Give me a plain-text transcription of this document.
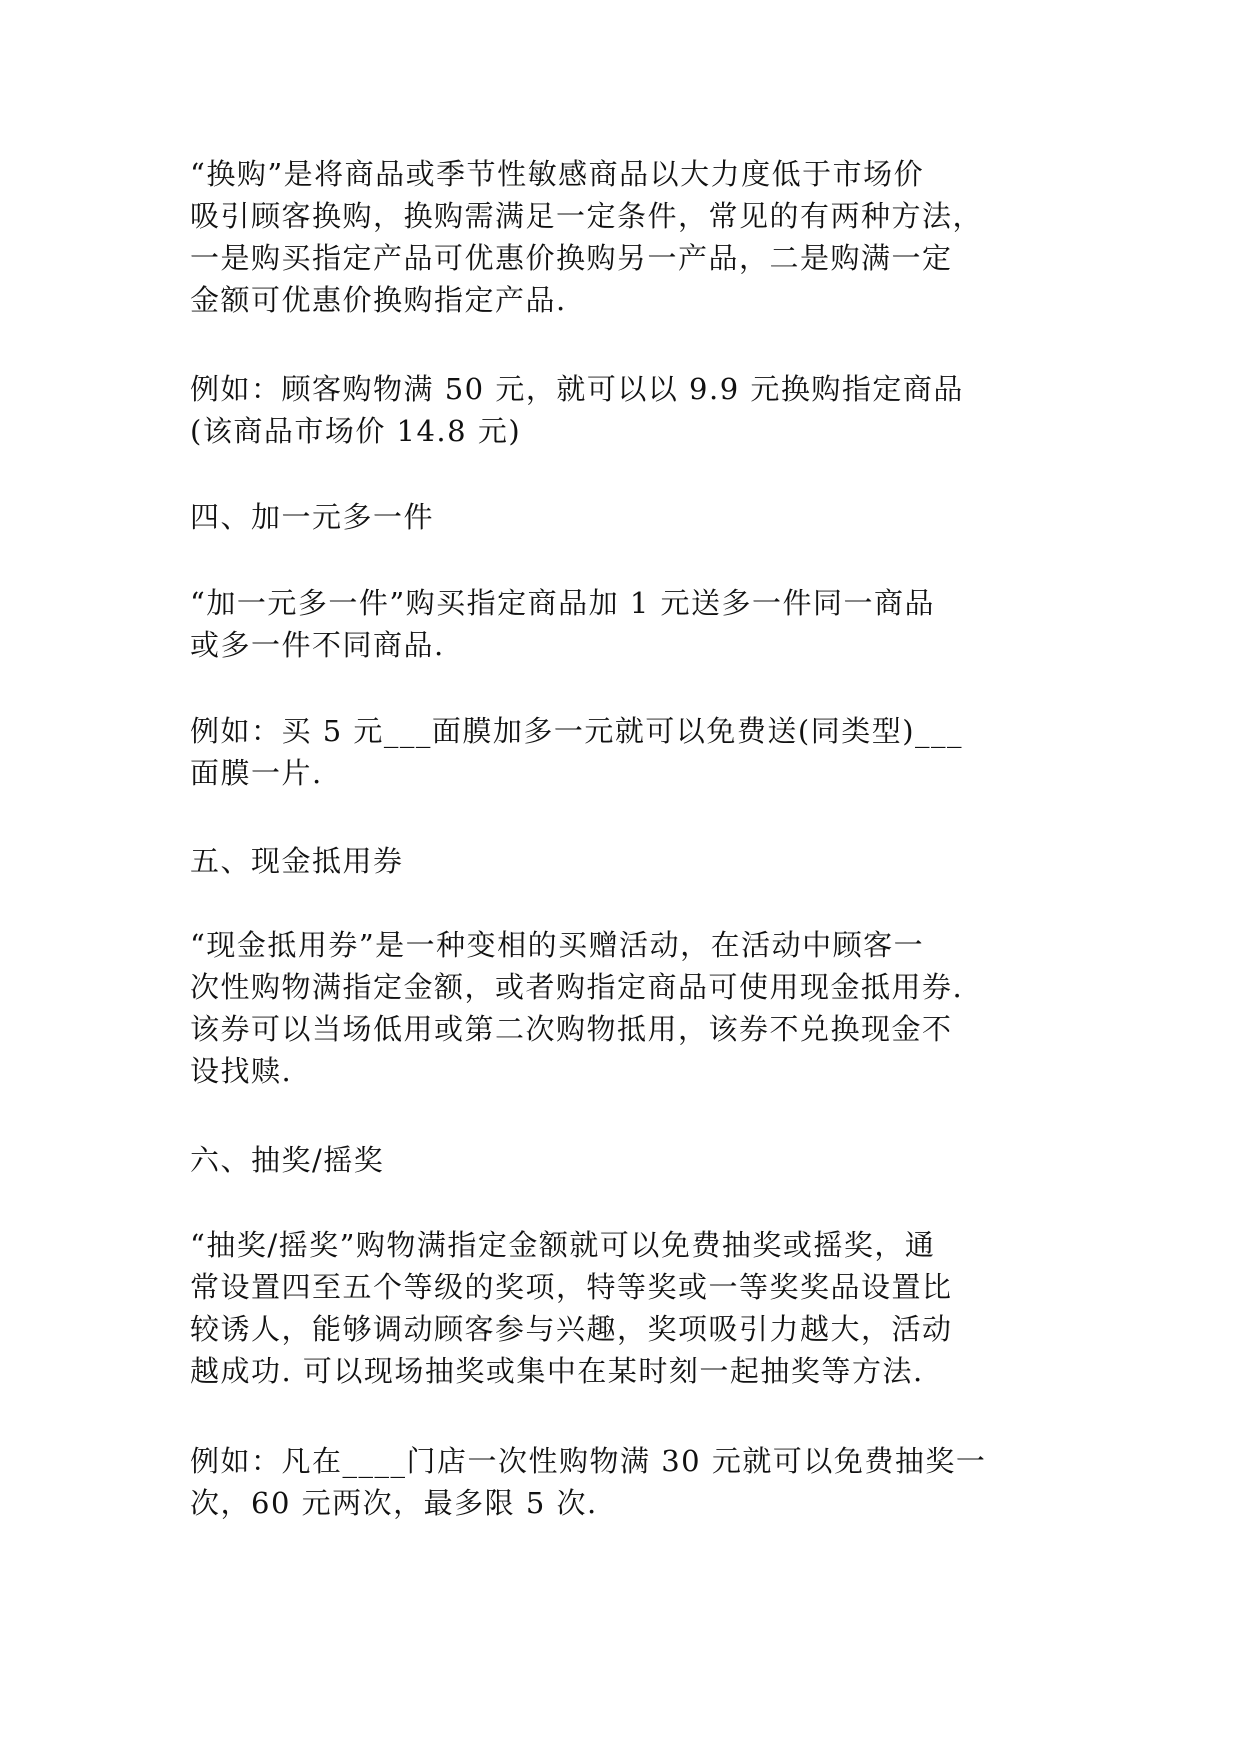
“换购”是将商品或季节性敏感商品以大力度低于市场价
吸引顾客换购，换购需满足一定条件，常见的有两种方法，
一是购买指定产品可优惠价换购另一产品，二是购满一定
金额可优惠价换购指定产品.
例如：顾客购物满 50 元，就可以以 9.9 元换购指定商品
(该商品市场价 14.8 元)
四、加一元多一件
“加一元多一件”购买指定商品加 1 元送多一件同一商品
或多一件不同商品.
例如：买 5 元___面膜加多一元就可以免费送(同类型)___
面膜一片.
五、现金抵用券
“现金抵用券”是一种变相的买赠活动，在活动中顾客一
次性购物满指定金额，或者购指定商品可使用现金抵用券.
该券可以当场低用或第二次购物抵用，该券不兑换现金不
设找赎.
六、抽奖/摇奖
“抽奖/摇奖”购物满指定金额就可以免费抽奖或摇奖，通
常设置四至五个等级的奖项，特等奖或一等奖奖品设置比
较诱人，能够调动顾客参与兴趣，奖项吸引力越大，活动
越成功. 可以现场抽奖或集中在某时刻一起抽奖等方法.
例如：凡在____门店一次性购物满 30 元就可以免费抽奖一
次，60 元两次，最多限 5 次.
